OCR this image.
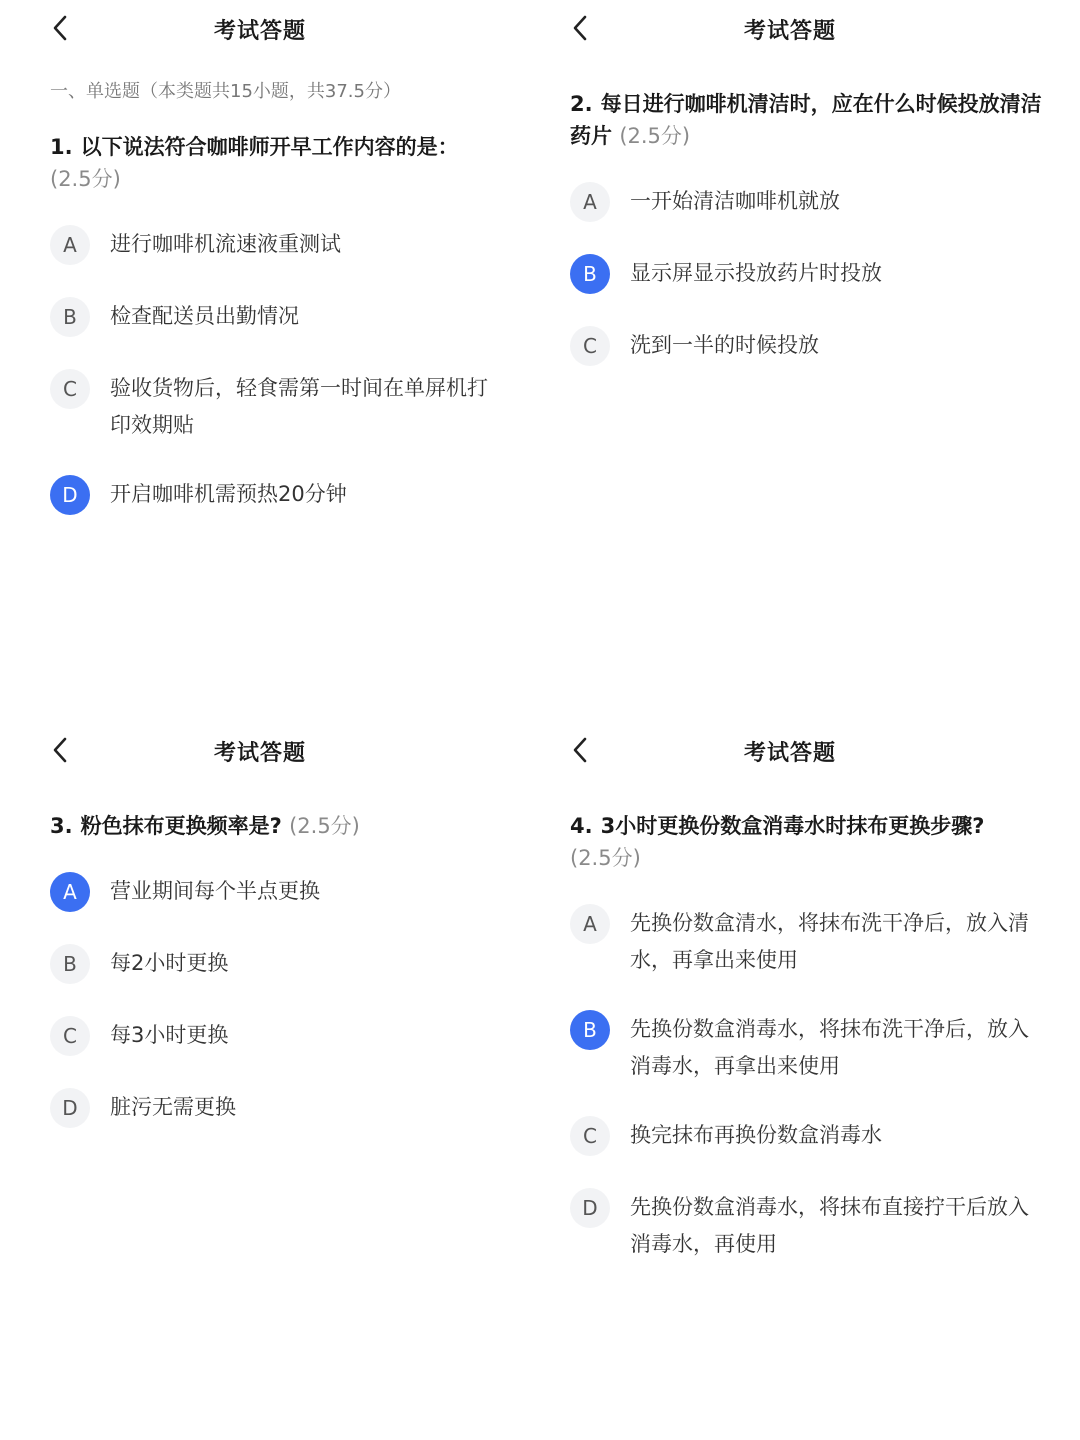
考试答题
一、单选题（本类题共15小题，共37.5分）
1. 以下说法符合咖啡师开早工作内容的是：
(2.5分)
A	进行咖啡机流速液重测试
B	检查配送员出勤情况
C	验收货物后，轻食需第一时间在单屏机打印效期贴
D	开启咖啡机需预热20分钟
考试答题
2. 每日进行咖啡机清洁时，应在什么时候投放清洁药片 (2.5分)
A	一开始清洁咖啡机就放
B	显示屏显示投放药片时投放
C	洗到一半的时候投放
考试答题
3. 粉色抹布更换频率是? (2.5分)
A	营业期间每个半点更换
B	每2小时更换
C	每3小时更换
D	脏污无需更换
考试答题
4. 3小时更换份数盒消毒水时抹布更换步骤?
(2.5分)
A	先换份数盒清水，将抹布洗干净后，放入清水，再拿出来使用
B	先换份数盒消毒水，将抹布洗干净后，放入消毒水，再拿出来使用
C	换完抹布再换份数盒消毒水
D	先换份数盒消毒水，将抹布直接拧干后放入消毒水，再使用
